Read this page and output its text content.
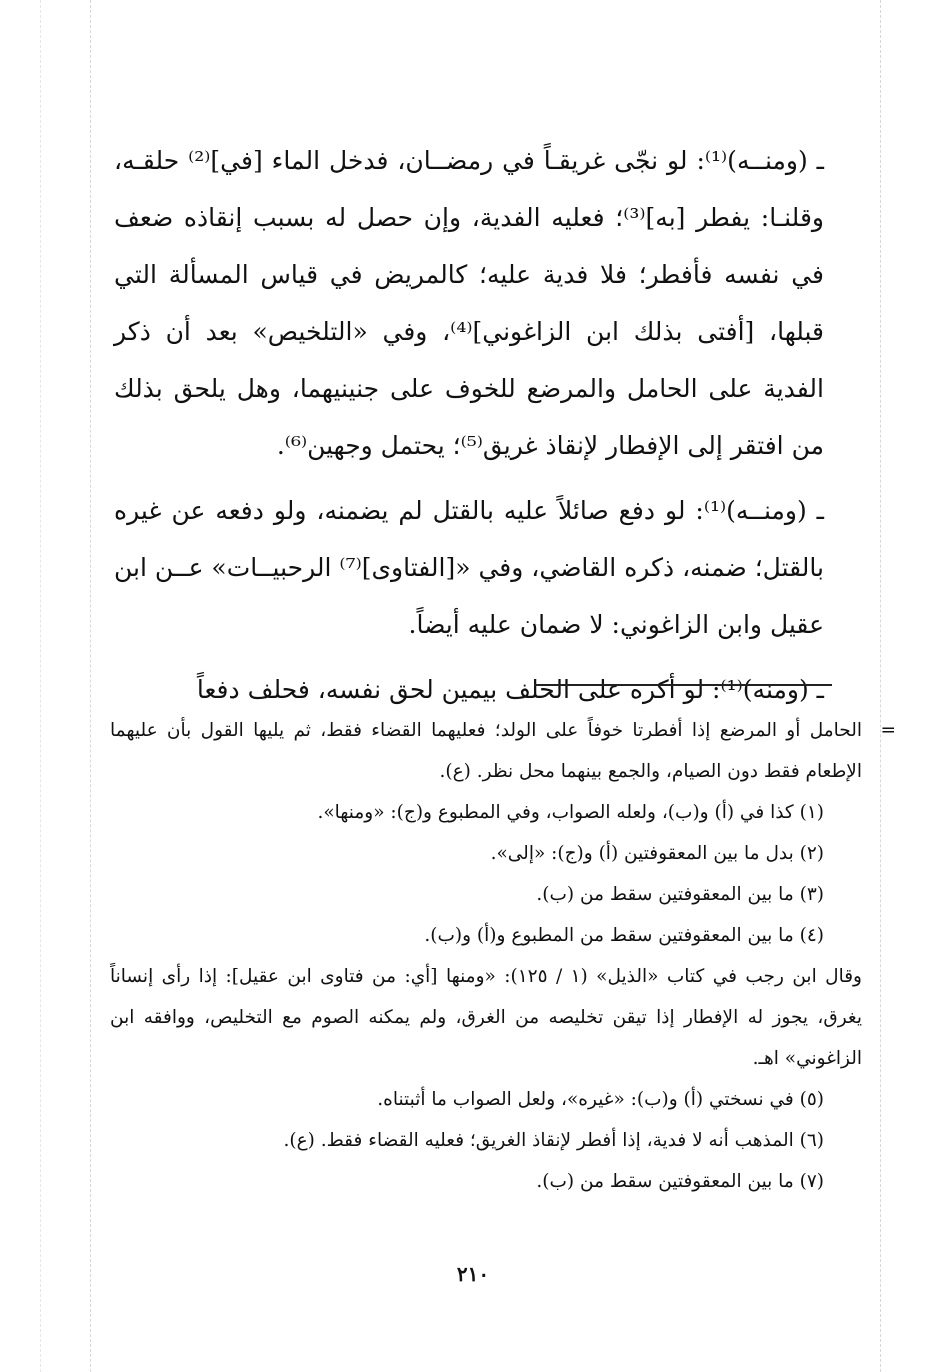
ـ (ومنــه)⁽¹⁾: لو نجّى غريقـاً في رمضــان، فدخل الماء [في]⁽²⁾ حلقـه، وقلنـا: يفطر [به]⁽³⁾؛ فعليه الفدية، وإن حصل له بسبب إنقاذه ضعف في نفسه فأفطر؛ فلا فدية عليه؛ كالمريض في قياس المسألة التي قبلها، [أفتى بذلك ابن الزاغوني]⁽⁴⁾، وفي «التلخيص» بعد أن ذكر الفدية على الحامل والمرضع للخوف على جنينيهما، وهل يلحق بذلك من افتقر إلى الإفطار لإنقاذ غريق⁽⁵⁾؛ يحتمل وجهين⁽⁶⁾.

ـ (ومنــه)⁽¹⁾: لو دفع صائلاً عليه بالقتل لم يضمنه، ولو دفعه عن غيره بالقتل؛ ضمنه، ذكره القاضي، وفي «[الفتاوى]⁽⁷⁾ الرحبيــات» عــن ابن عقيل وابن الزاغوني: لا ضمان عليه أيضاً.

ـ (ومنه)⁽¹⁾: لو أكره على الحلف بيمين لحق نفسه، فحلف دفعاً

=
الحامل أو المرضع إذا أفطرتا خوفاً على الولد؛ فعليهما القضاء فقط، ثم يليها القول بأن عليهما الإطعام فقط دون الصيام، والجمع بينهما محل نظر. (ع).

(١) كذا في (أ) و(ب)، ولعله الصواب، وفي المطبوع و(ج): «ومنها».

(٢) بدل ما بين المعقوفتين (أ) و(ج): «إلى».

(٣) ما بين المعقوفتين سقط من (ب).

(٤) ما بين المعقوفتين سقط من المطبوع و(أ) و(ب).

وقال ابن رجب في كتاب «الذيل» (١ / ١٢٥): «ومنها [أي: من فتاوى ابن عقيل]: إذا رأى إنساناً يغرق، يجوز له الإفطار إذا تيقن تخليصه من الغرق، ولم يمكنه الصوم مع التخليص، ووافقه ابن الزاغوني» اهـ.

(٥) في نسختي (أ) و(ب): «غيره»، ولعل الصواب ما أثبتناه.

(٦) المذهب أنه لا فدية، إذا أفطر لإنقاذ الغريق؛ فعليه القضاء فقط. (ع).

(٧) ما بين المعقوفتين سقط من (ب).

٢١٠
